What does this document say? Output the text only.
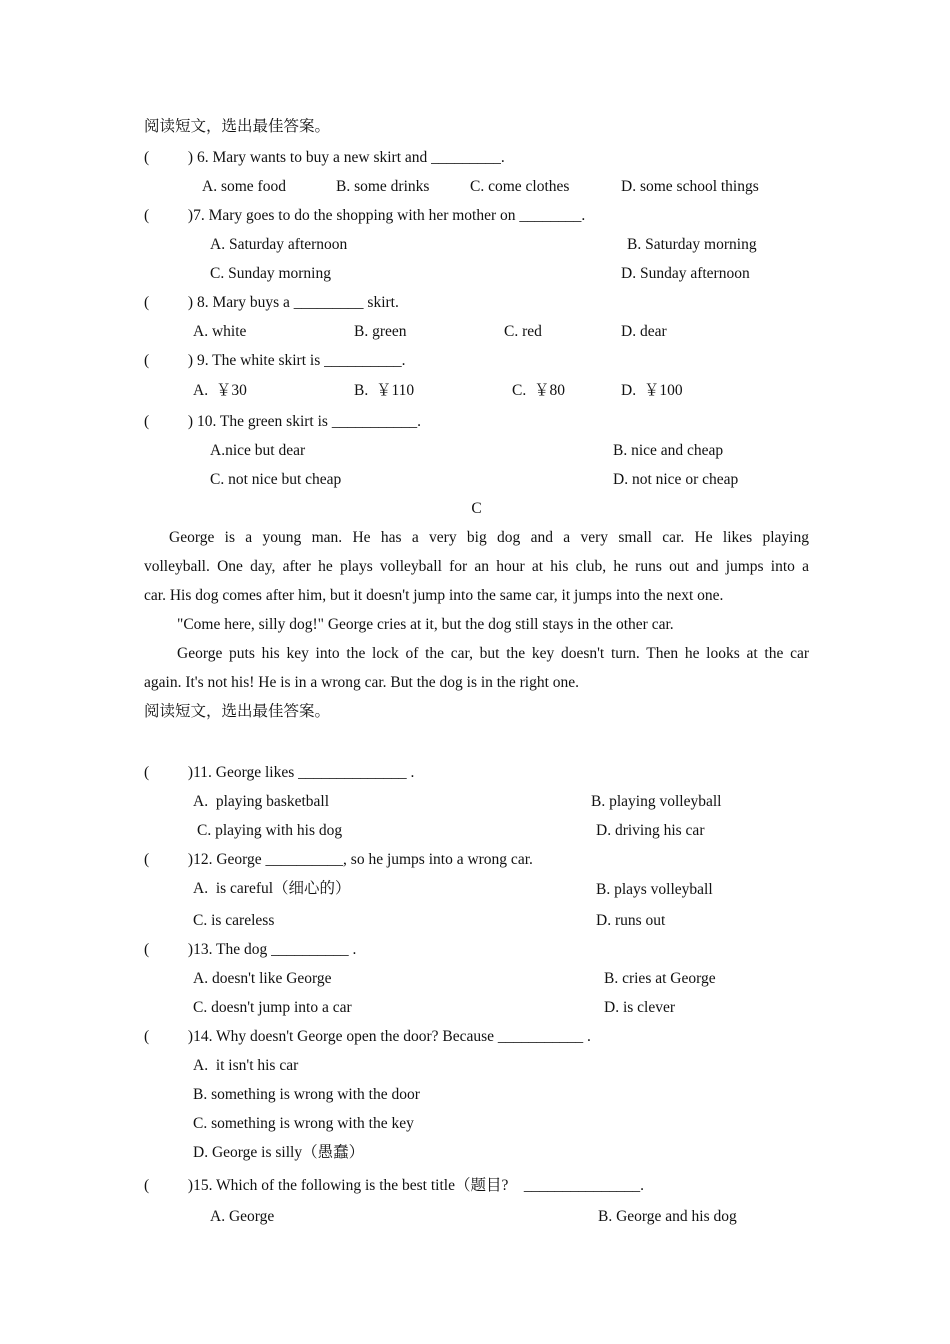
阅读短文，选出最佳答案。
(          ) 6. Mary wants to buy a new skirt and _________.
A. some food	B. some drinks	C. come clothes	D. some school things
(          )7. Mary goes to do the shopping with her mother on ________.
A. Saturday afternoon	B. Saturday morning
C. Sunday morning	D. Sunday afternoon
(          ) 8. Mary buys a _________ skirt.
A. white	B. green	C. red	D. dear
(          ) 9. The white skirt is __________.
A.  ￥30	B.  ￥110	C.  ￥80	D.  ￥100
(          ) 10. The green skirt is ___________.
A.nice but dear	B. nice and cheap
C. not nice but cheap	D. not nice or cheap
C
George is a young man. He has a very big dog and a very small car. He likes playing
volleyball. One day, after he plays volleyball for an hour at his club, he runs out and jumps into a
car. His dog comes after him, but it doesn't jump into the same car, it jumps into the next one.
"Come here, silly dog!" George cries at it, but the dog still stays in the other car.
George puts his key into the lock of the car, but the key doesn't turn. Then he looks at the car
again. It's not his! He is in a wrong car. But the dog is in the right one.
阅读短文，选出最佳答案。
(          )11. George likes ______________ .
A.  playing basketball	B. playing volleyball
C. playing with his dog	D. driving his car
(          )12. George __________, so he jumps into a wrong car.
A.  is careful（细心的）	B. plays volleyball
C. is careless	D. runs out
(          )13. The dog __________ .
A. doesn't like George	B. cries at George
C. doesn't jump into a car	D. is clever
(          )14. Why doesn't George open the door? Because ___________ .
A.  it isn't his car
B. something is wrong with the door
C. something is wrong with the key
D. George is silly（愚蠢）
(          )15. Which of the following is the best title（题目?    _______________.
A. George	B. George and his dog
